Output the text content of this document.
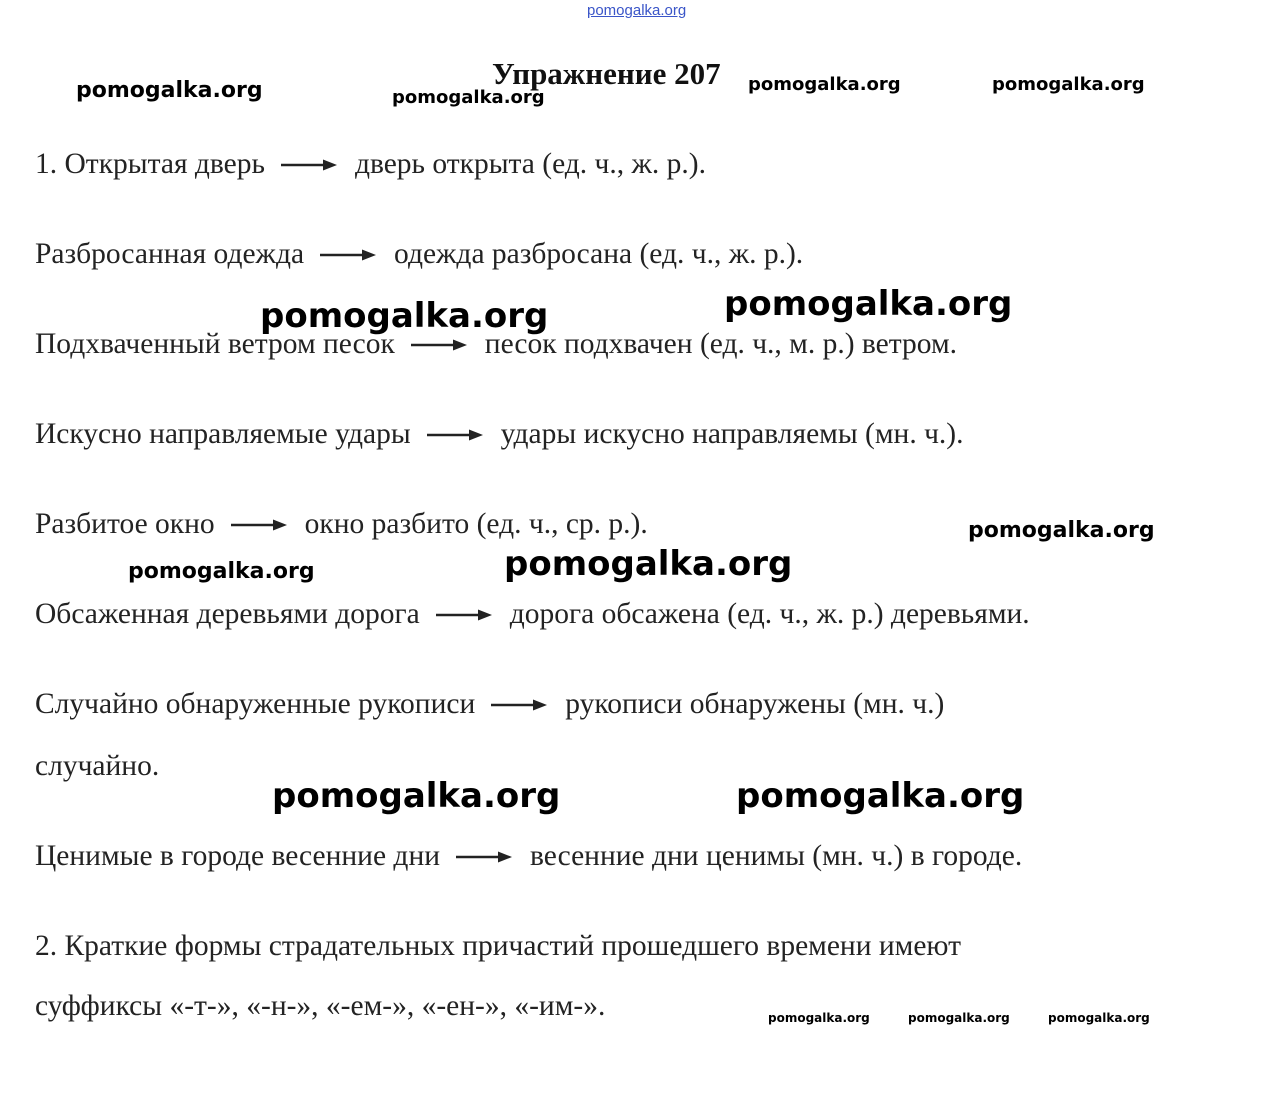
pomogalka.org
Упражнение 207
1. Открытая дверь	дверь открыта (ед. ч., ж. р.).
Разбросанная одежда	одежда разбросана (ед. ч., ж. р.).
Подхваченный ветром песок	песок подхвачен (ед. ч., м. р.) ветром.
Искусно направляемые удары	удары искусно направляемы (мн. ч.).
Разбитое окно	окно разбито (ед. ч., ср. р.).
Обсаженная деревьями дорога	дорога обсажена (ед. ч., ж. р.) деревьями.
Случайно обнаруженные рукописи	рукописи обнаружены (мн. ч.)
случайно.
Ценимые в городе весенние дни	весенние дни ценимы (мн. ч.) в городе.
2. Краткие формы страдательных причастий прошедшего времени имеют
суффиксы «-т-», «-н-», «-ем-», «-ен-», «-им-».
pomogalka.org	pomogalka.org
pomogalka.org	pomogalka.org
pomogalka.org	pomogalka.org
pomogalka.org
pomogalka.org	pomogalka.org
pomogalka.org	pomogalka.org
pomogalka.org	pomogalka.org	pomogalka.org
